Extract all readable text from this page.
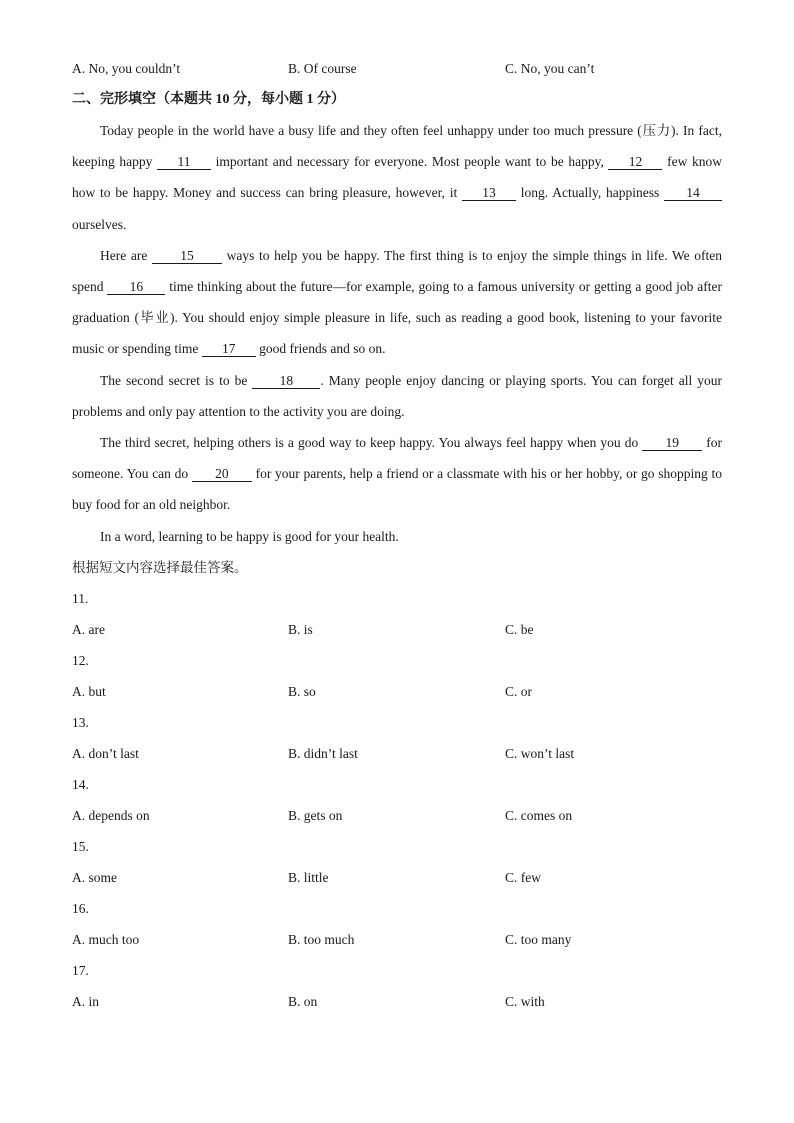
A. No, you couldn’t	B. Of course	C. No, you can’t
二、完形填空（本题共 10 分，每小题 1 分）

Today people in the world have a busy life and they often feel unhappy under too much pressure (压力). In fact, keeping happy 11 important and necessary for everyone. Most people want to be happy, 12 few know how to be happy. Money and success can bring pleasure, however, it 13 long. Actually, happiness 14 ourselves.

Here are 15 ways to help you be happy. The first thing is to enjoy the simple things in life. We often spend 16 time thinking about the future—for example, going to a famous university or getting a good job after graduation (毕业). You should enjoy simple pleasure in life, such as reading a good book, listening to your favorite music or spending time 17 good friends and so on.

The second secret is to be 18 . Many people enjoy dancing or playing sports. You can forget all your problems and only pay attention to the activity you are doing.

The third secret, helping others is a good way to keep happy. You always feel happy when you do 19 for someone. You can do 20 for your parents, help a friend or a classmate with his or her hobby, or go shopping to buy food for an old neighbor.

In a word, learning to be happy is good for your health.

根据短文内容选择最佳答案。
11.
A. are	B. is	C. be
12.
A. but	B. so	C. or
13.
A. don’t last	B. didn’t last	C. won’t last
14.
A. depends on	B. gets on	C. comes on
15.
A. some	B. little	C. few
16.
A. much too	B. too much	C. too many
17.
A. in	B. on	C. with
